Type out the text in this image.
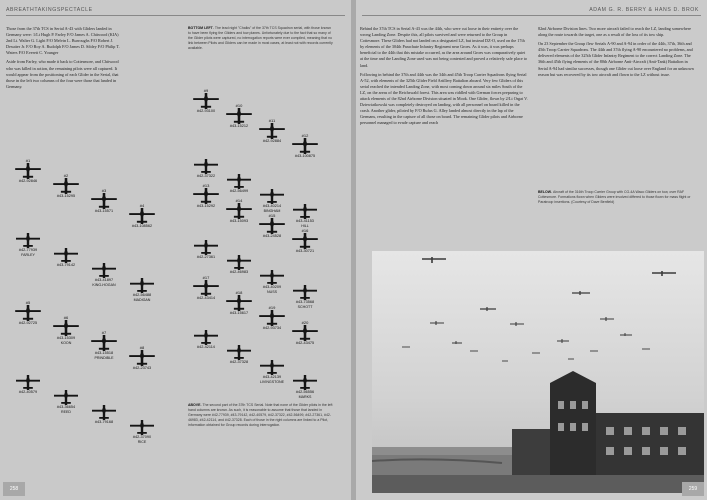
ABREATHTAKINGSPECTACLE

Those from the 37th TCS in Serial A-43 with Gliders landed in Germany were: 1/Lt Hugh P. Farley F/O James A. Chitwood (KIA) 2nd Lt. Walter G. Light F/O Melvin L. Burroughs F/O Robert J. Desutter Jr. F/O Roy A. Rudolph F/O James D. Sibley F/O Philip T. Waters F/O Everett C. Younger

Aside from Farley, who made it back to Cottesmore, and Chitwood who was killed in action, the remaining pilots were all captured. It would appear from the positioning of each Glider in the Serial, that those in the left two columns of the four were those that landed in Germany.

BOTTOM LEFT- The lead night "Chalks" of the 37th TCS Squadron serial, with those known to have been flying the Gliders and tow planes. Unfortunately due to the fact that so many of the Glider pilots were captured, no interrogation reports were ever compiled, meaning that no link between Pilots and Gliders can be made in most cases, at least not with records currently available.
ABOVE- The second part of the 37th TCS Serial. Note that none of the Glider pilots in the left hand columns are known. As such, it is reasonable to assume that those that landed in Germany were #42-77939, #43-79142, #42-40579, #42-37322, #42-56499, #42-27361, #42-46983, #42-42114, and #42-37328. Each of those in the right columns are linked to a Pilot, information obtained for Group records during interrogation.
#1
#42-92846
#2
#43-15295
#3
#43-15571
#4
#43-108562
#42-77939
FARLEY
#43-79142
#43-41897
KING-HOGAN
#42-56488
MADIGAN
#5
#42-92725
#6
#43-15309
KOON
#7
#43-15518
PRINDIBLE
#8
#42-23743
#42-40579
#43-36654
REED
#43-79168
#42-37090
RICE
#9
#42-93100
#10
#43-15212
#11
#42-92884
#12
#43-100875
#42-37322
#42-56499
#43-40214
BINGHAM
#43-41153
HILL
#13
#43-15292
#14
#43-15093
#15
#43-24528
#16
#43-30721
#42-27361
#42-46983
#43-40209
NUSS
#43-73568
SCHOTT
#17
#42-43414
#18
#43-15617
#19
#42-93734
#20
#42-43475
#42-42114
#42-37328
#43-42139
LIVINGSTONE
#42-56556
MARKS
258
ADAM G. R. BERRY & HANS D. BROK

Behind the 37th TCS in Serial A-43 was the 44th, who were cut loose in their entirety over the wrong Landing Zone. Despite this, all pilots survived and were returned to the Group in Cottesmore. These Gliders had not landed on a designated LZ, but instead DZ-O, used on the 17th by elements of the 304th Parachute Infantry Regiment near Groes. As it was, it was perhaps beneficial to the 44th that this mistake occurred, as the area around Groes was comparatively quiet at the time and the Landing Zone used was not being contested and proved a relatively safe place to land.

Following in behind the 37th and 44th was the 34th and 45th Troop Carrier Squadrons flying Serial A-52, with elements of the 325th Glider Field Artillery Battalion aboard. Very few Gliders of this serial reached the intended Landing Zone, with most coming down around six miles South of the LZ, on the areas of the Reichswald forest. This area was riddled with German forces preparing to attack elements of the 82nd Airborne Division situated in Mook. One Glider, flown by 2/Lt Orgat V. Dziewiatkowski was completely destroyed on landing, with all personnel on board killed in the crash. Another glider, piloted by F/O Rufus G. Alley landed almost directly in the lap of the Germans, resulting in the capture of all those on board. The remaining Glider pilots and Airborne personnel managed to evade capture and reach

82nd Airborne Division lines. Two more aircraft failed to reach the LZ, landing somewhere along the route towards the target, one as a result of the loss of its tow ship.

On 23 September the Group flew Serials A-90 and A-94 in order of the 44th, 37th, 36th and 45th Troop Carrier Squadrons. The 44th and 37th flying A-90 encountered no problems, and delivered elements of the 325th Glider Infantry Regiment to the correct Landing Zone. The 36th and 45th flying elements of the 80th Airborne Anti-Aircraft (Anti-Tank) Battalion in Serial A-94 had similar successes, though one Glider cut loose over England for an unknown reason but was recovered by its tow aircraft and flown to the LZ without issue.

BELOW- Aircraft of the 316th Troop Carrier Group with CG-4A Waco Gliders on tow, over RAF Cottesmore. Formations flown when Gliders were involved differed to those flown for mass flight or Paratroop insertions. (Courtesy of Dave Benfield)
259
